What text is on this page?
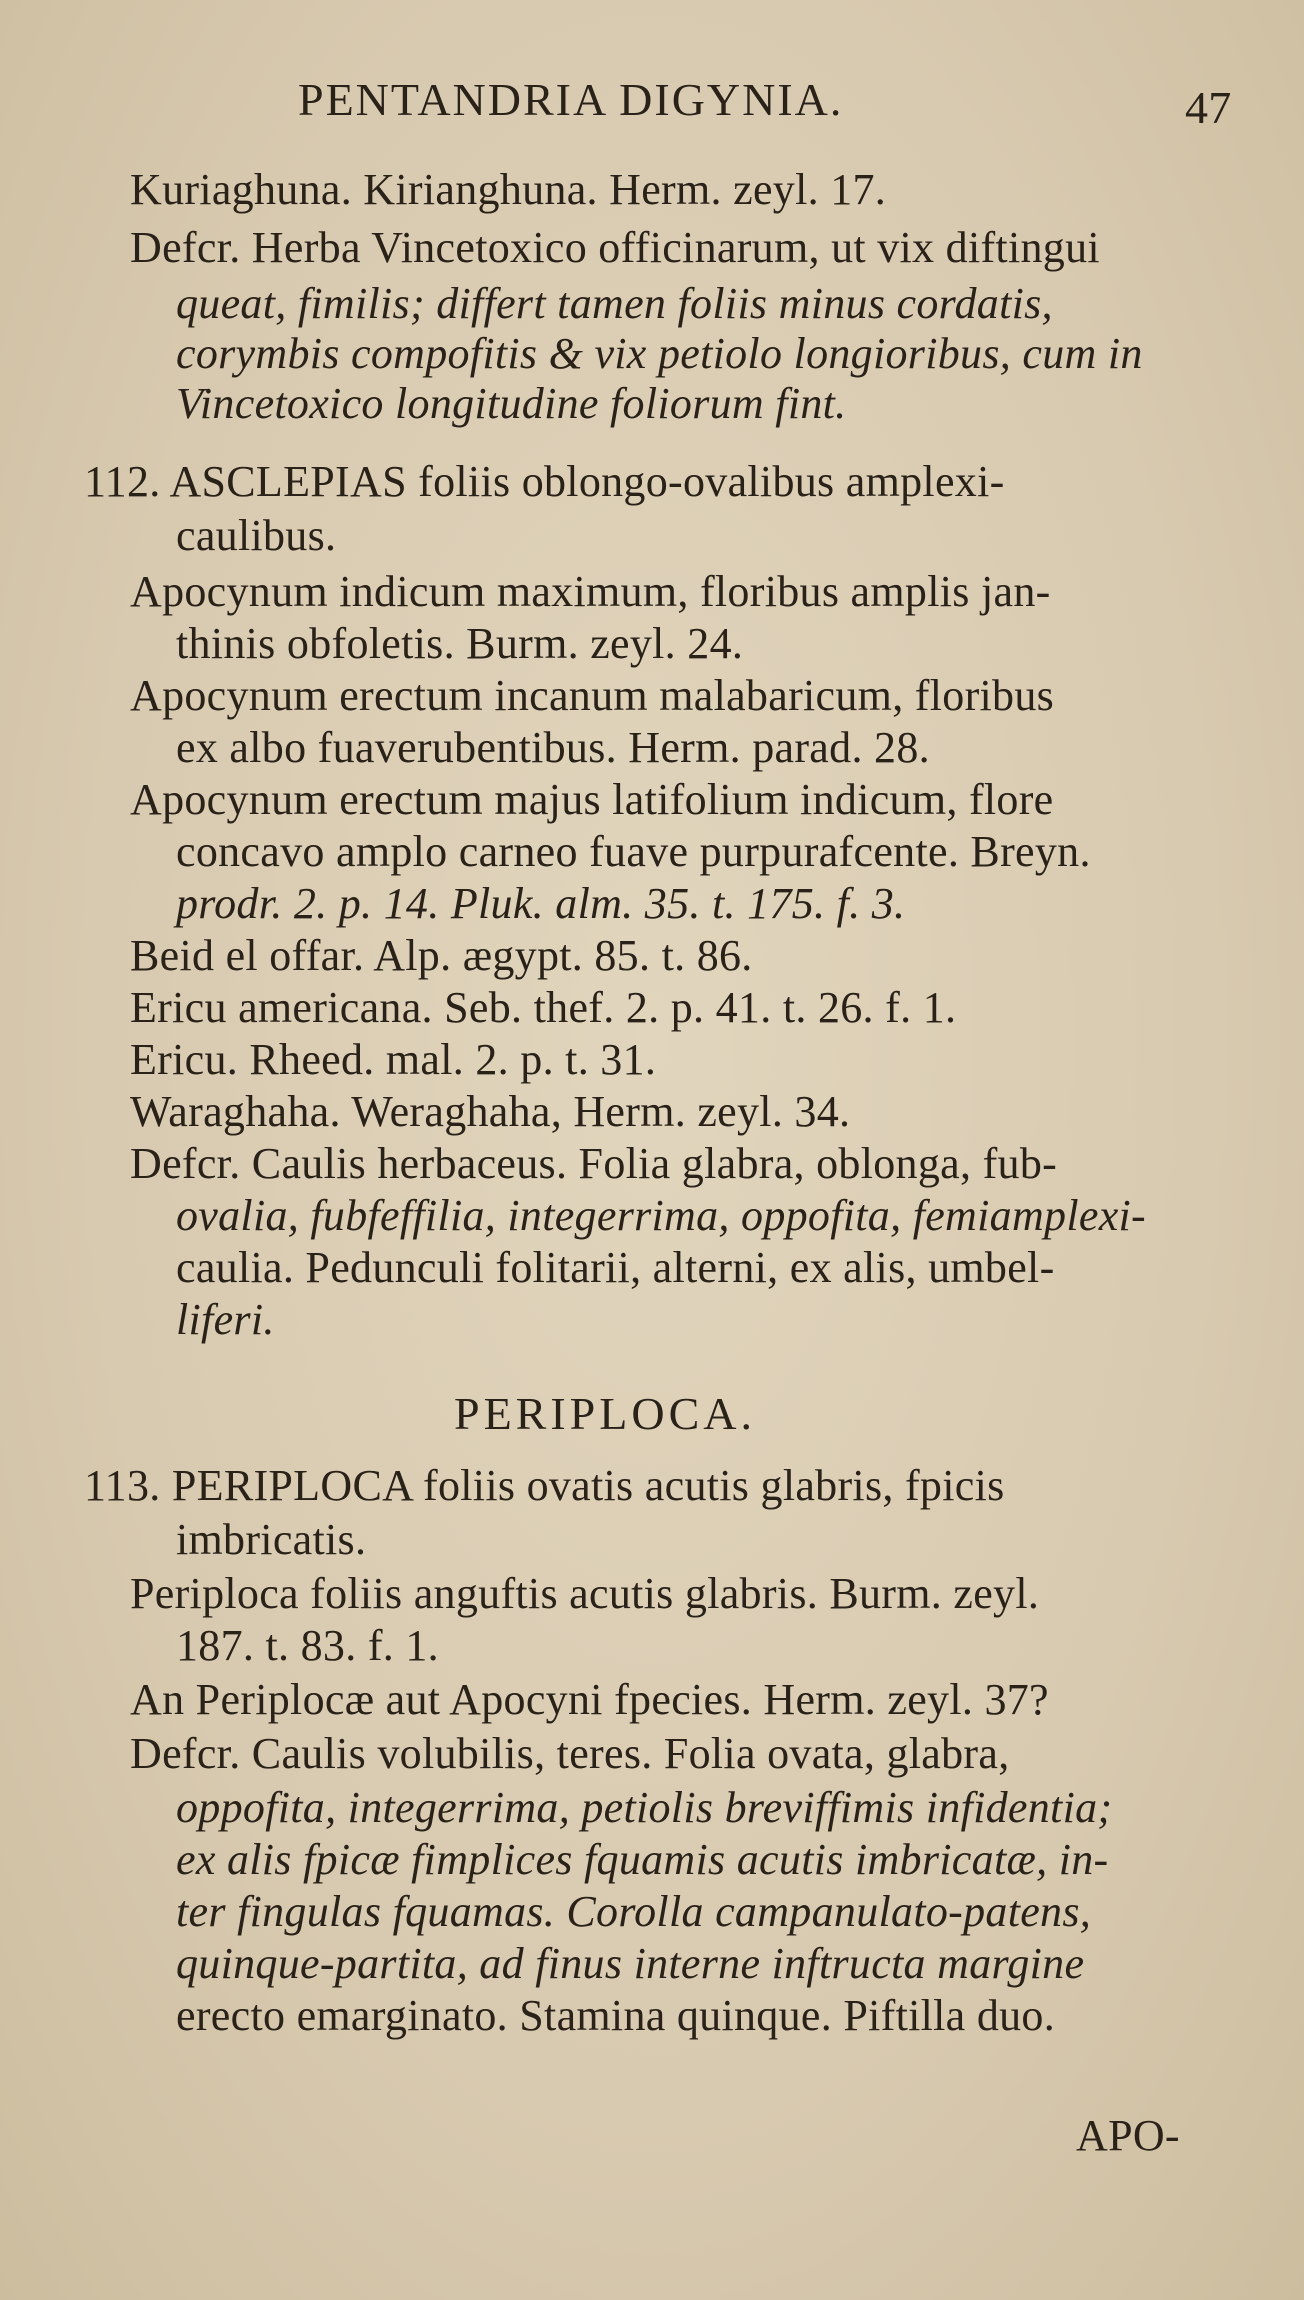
PENTANDRIA DIGYNIA.	47
Kuriaghuna. Kirianghuna. Herm. zeyl. 17.
Defcr. Herba Vincetoxico officinarum, ut vix diftingui
queat, fimilis; differt tamen foliis minus cordatis,
corymbis compofitis & vix petiolo longioribus, cum in
Vincetoxico longitudine foliorum fint.
112. ASCLEPIAS foliis oblongo-ovalibus amplexi-
caulibus.
Apocynum indicum maximum, floribus amplis jan-
thinis obfoletis. Burm. zeyl. 24.
Apocynum erectum incanum malabaricum, floribus
ex albo fuaverubentibus. Herm. parad. 28.
Apocynum erectum majus latifolium indicum, flore
concavo amplo carneo fuave purpurafcente. Breyn.
prodr. 2. p. 14. Pluk. alm. 35. t. 175. f. 3.
Beid el offar. Alp. ægypt. 85. t. 86.
Ericu americana. Seb. thef. 2. p. 41. t. 26. f. 1.
Ericu. Rheed. mal. 2. p. t. 31.
Waraghaha. Weraghaha, Herm. zeyl. 34.
Defcr. Caulis herbaceus. Folia glabra, oblonga, fub-
ovalia, fubfeffilia, integerrima, oppofita, femiamplexi-
caulia. Pedunculi folitarii, alterni, ex alis, umbel-
liferi.
PERIPLOCA.
113. PERIPLOCA foliis ovatis acutis glabris, fpicis
imbricatis.
Periploca foliis anguftis acutis glabris. Burm. zeyl.
187. t. 83. f. 1.
An Periplocæ aut Apocyni fpecies. Herm. zeyl. 37?
Defcr. Caulis volubilis, teres. Folia ovata, glabra,
oppofita, integerrima, petiolis breviffimis infidentia;
ex alis fpicæ fimplices fquamis acutis imbricatæ, in-
ter fingulas fquamas. Corolla campanulato-patens,
quinque-partita, ad finus interne inftructa margine
erecto emarginato. Stamina quinque. Piftilla duo.
APO-
